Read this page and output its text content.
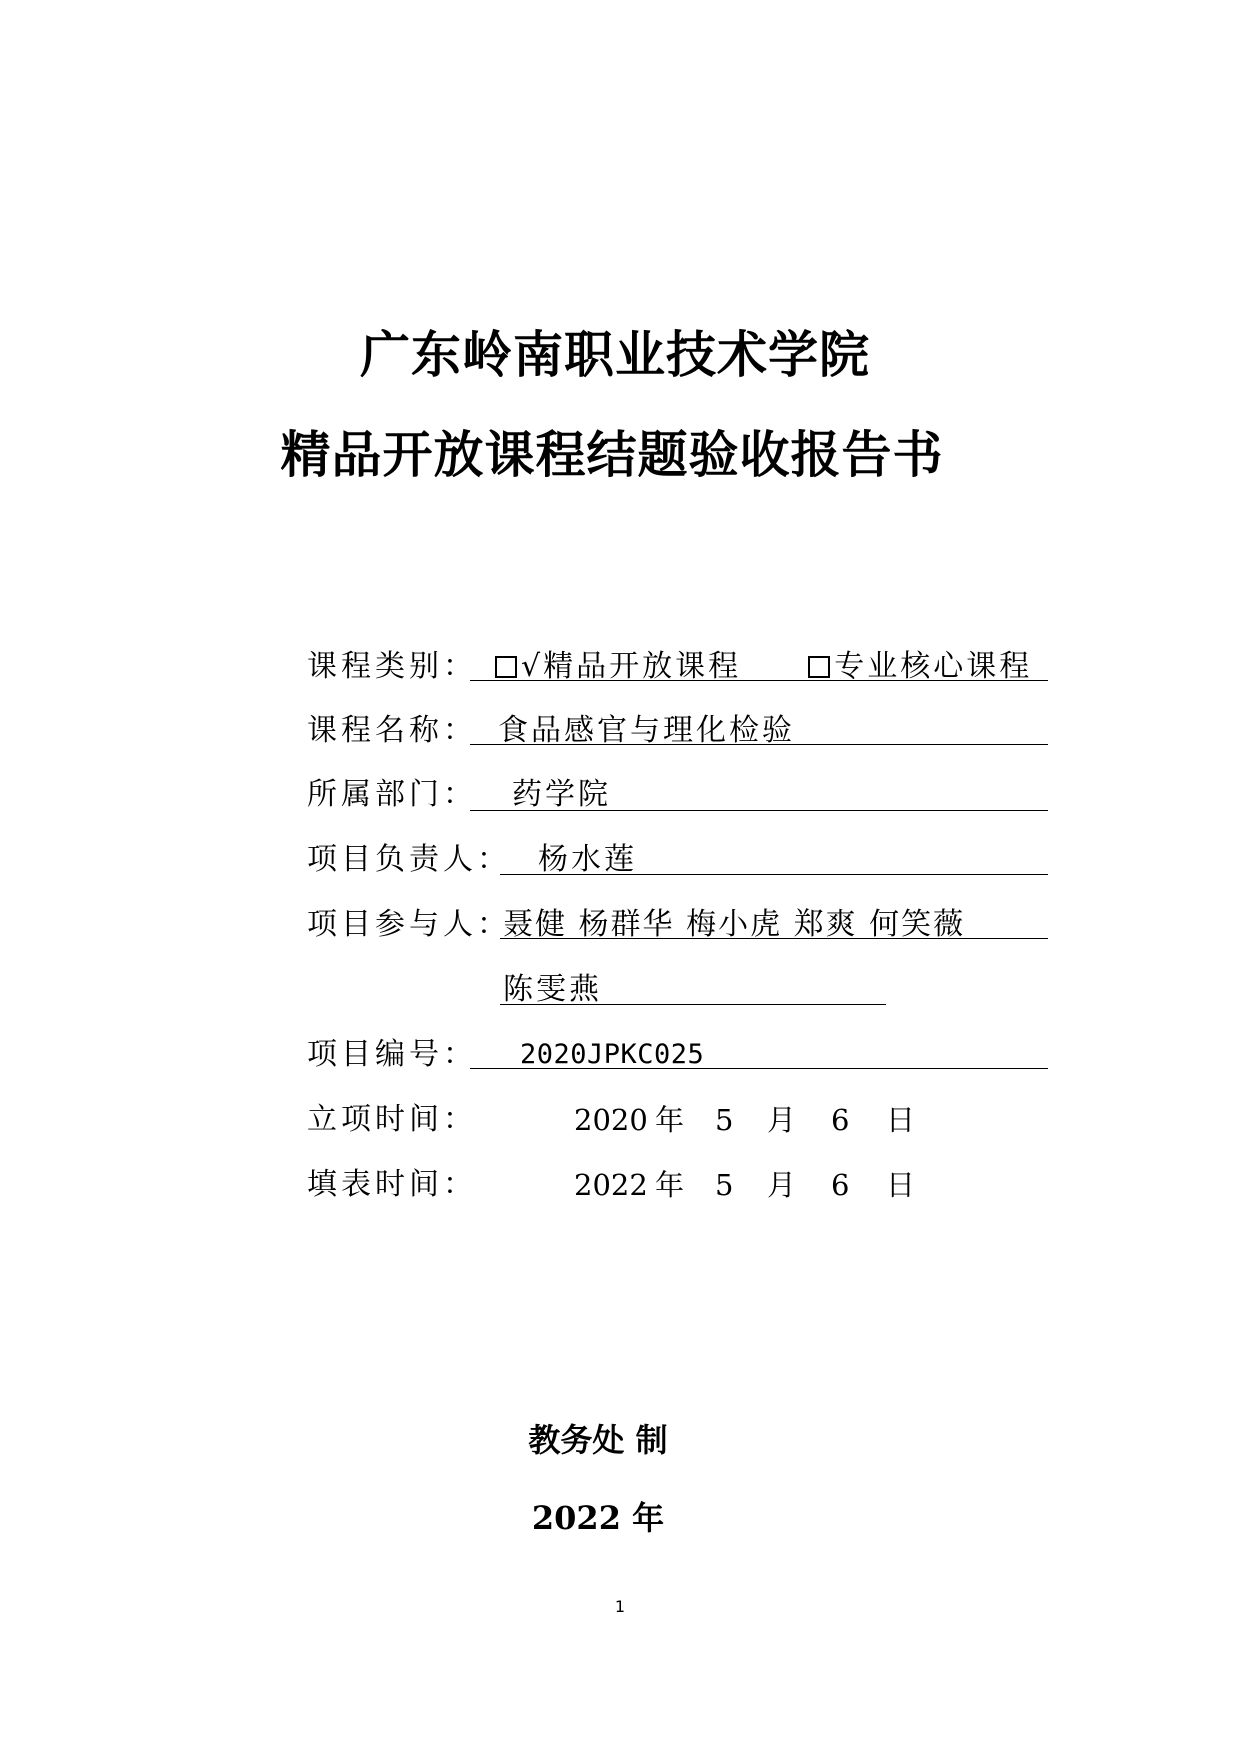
广东岭南职业技术学院
精品开放课程结题验收报告书
课程类别：	√精品开放课程	专业核心课程
课程名称： 食品感官与理化检验
所属部门： 药学院
项目负责人： 杨水莲
项目参与人：
聂健 杨群华 梅小虎 郑爽 何笑薇
陈雯燕
项目编号： 2020JPKC025
立项时间：	2020 年 5 月 6 日
填表时间：	2022 年 5 月 6 日
教务处 制
2022 年
1
